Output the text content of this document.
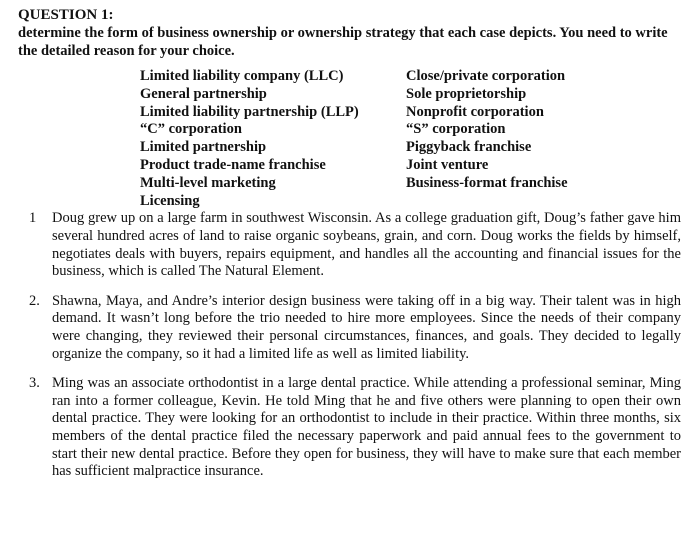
QUESTION 1:

determine the form of business ownership or ownership strategy that each case depicts. You need to write the detailed reason for your choice.

Limited liability company (LLC)
General partnership
Limited liability partnership (LLP)
“C” corporation
Limited partnership
Product trade-name franchise
Multi-level marketing
Licensing
Close/private corporation
Sole proprietorship
Nonprofit corporation
“S” corporation
Piggyback franchise
Joint venture
Business-format franchise
1	Doug grew up on a large farm in southwest Wisconsin. As a college graduation gift, Doug’s father gave him several hundred acres of land to raise organic soybeans, grain, and corn. Doug works the fields by himself, negotiates deals with buyers, repairs equipment, and handles all the accounting and financial issues for the business, which is called The Natural Element.
2. Shawna, Maya, and Andre’s interior design business were taking off in a big way. Their talent was in high demand. It wasn’t long before the trio needed to hire more employees. Since the needs of their company were changing, they reviewed their personal circumstances, finances, and goals. They decided to legally organize the company, so it had a limited life as well as limited liability.
3. Ming was an associate orthodontist in a large dental practice. While attending a professional seminar, Ming ran into a former colleague, Kevin. He told Ming that he and five others were planning to open their own dental practice. They were looking for an orthodontist to include in their practice. Within three months, six members of the dental practice filed the necessary paperwork and paid annual fees to the government to start their new dental practice. Before they open for business, they will have to make sure that each member has sufficient malpractice insurance.
